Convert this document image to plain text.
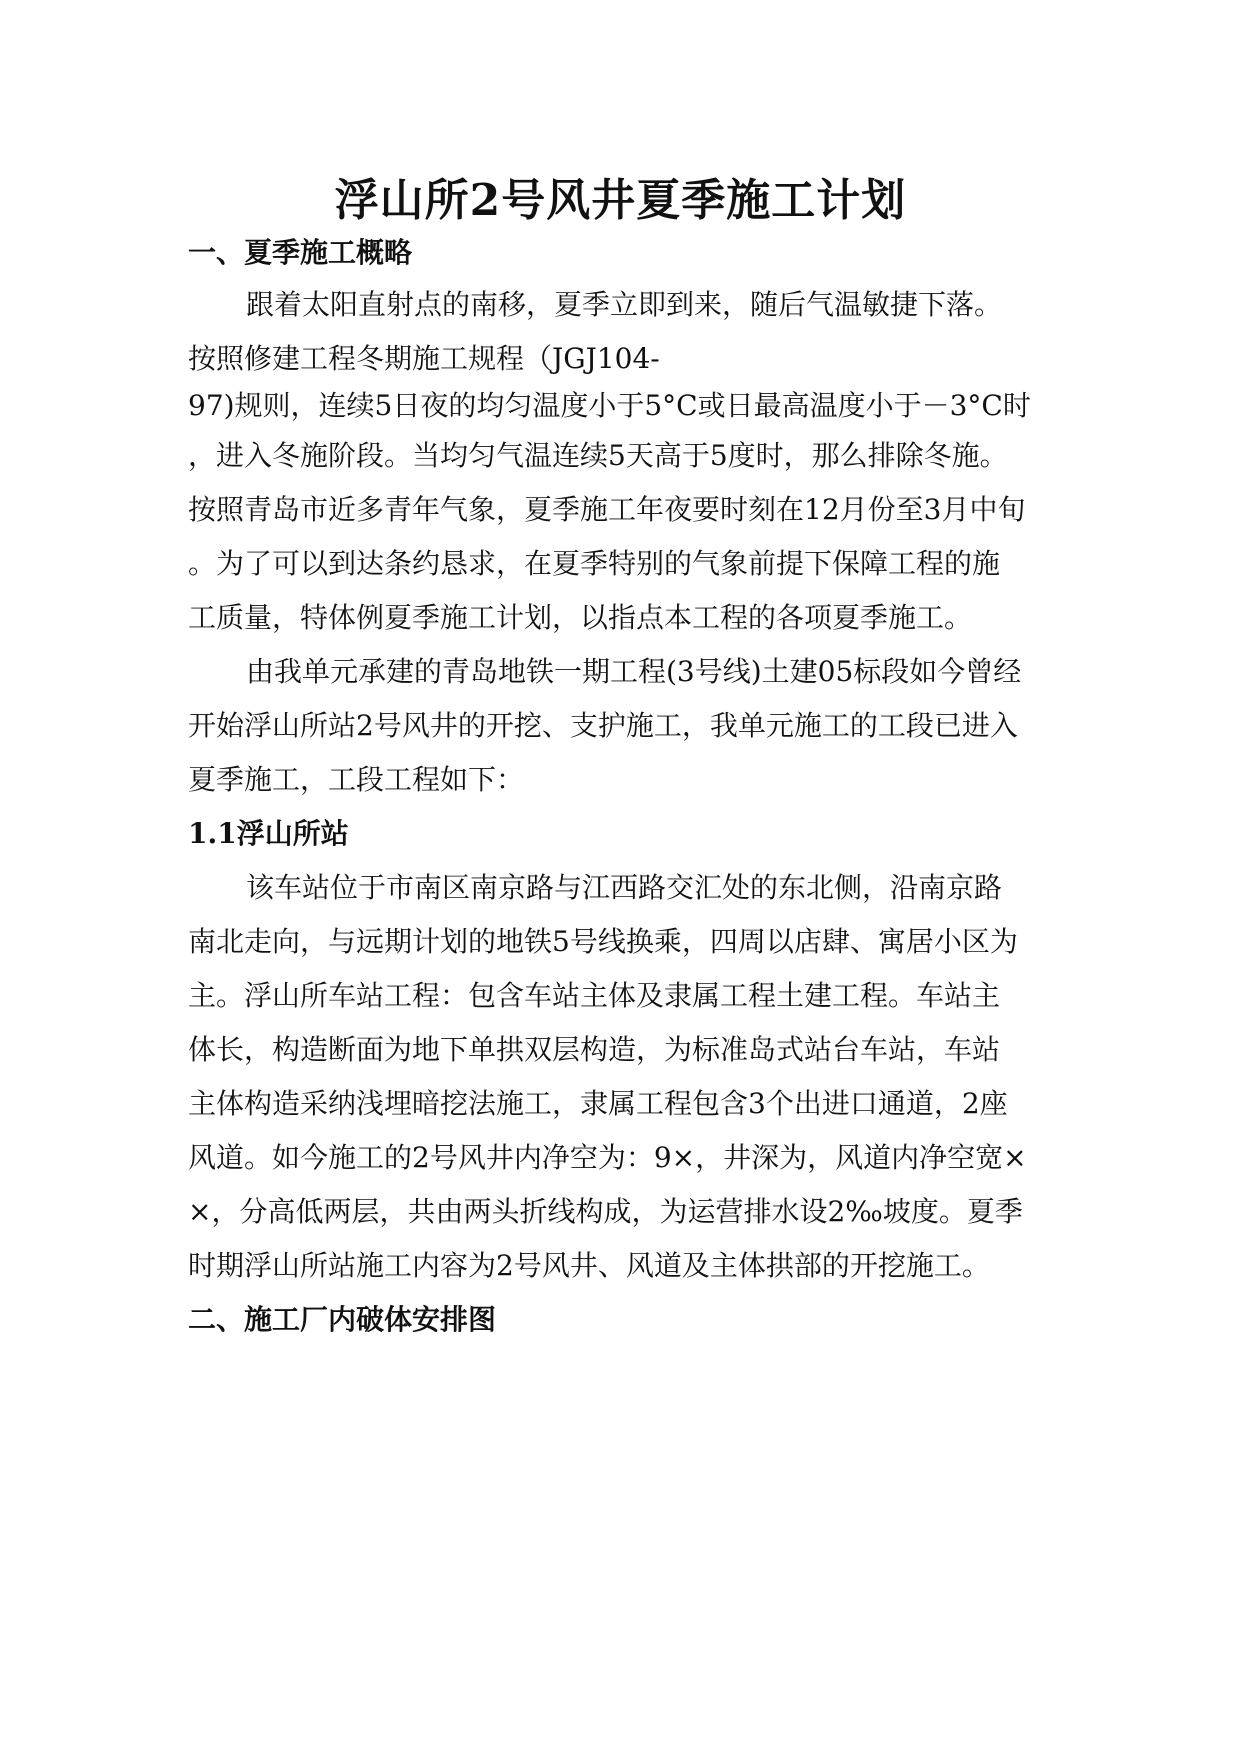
浮山所2号风井夏季施工计划
一、夏季施工概略
跟着太阳直射点的南移，夏季立即到来，随后气温敏捷下落。
按照修建工程冬期施工规程（JGJ104-
97)规则，连续5日夜的均匀温度小于5°C或日最高温度小于－3°C时
，进入冬施阶段。当均匀气温连续5天高于5度时，那么排除冬施。
按照青岛市近多青年气象，夏季施工年夜要时刻在12月份至3月中旬
。为了可以到达条约恳求，在夏季特别的气象前提下保障工程的施
工质量，特体例夏季施工计划，以指点本工程的各项夏季施工。
由我单元承建的青岛地铁一期工程(3号线)土建05标段如今曾经
开始浮山所站2号风井的开挖、支护施工，我单元施工的工段已进入
夏季施工，工段工程如下：
1.1浮山所站
该车站位于市南区南京路与江西路交汇处的东北侧，沿南京路
南北走向，与远期计划的地铁5号线换乘，四周以店肆、寓居小区为
主。浮山所车站工程：包含车站主体及隶属工程土建工程。车站主
体长，构造断面为地下单拱双层构造，为标准岛式站台车站，车站
主体构造采纳浅埋暗挖法施工，隶属工程包含3个出进口通道，2座
风道。如今施工的2号风井内净空为：9×，井深为，风道内净空宽×
×，分高低两层，共由两头折线构成，为运营排水设2‰坡度。夏季
时期浮山所站施工内容为2号风井、风道及主体拱部的开挖施工。
二、施工厂内破体安排图
